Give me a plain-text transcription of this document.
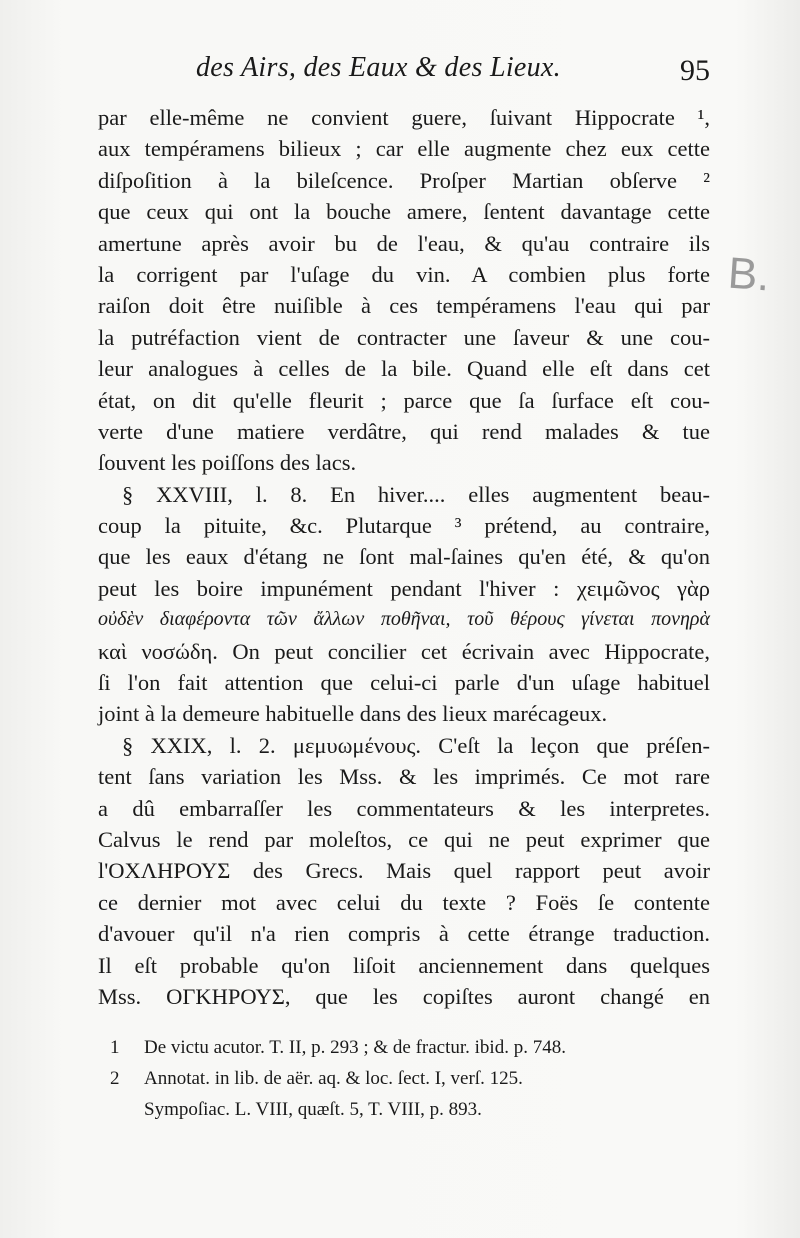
des Airs, des Eaux & des Lieux.	95
par elle-même ne convient guere, ſuivant Hippocrate ¹,
aux tempéramens bilieux ; car elle augmente chez eux cette
diſpoſition à la bileſcence. Proſper Martian obſerve ²
que ceux qui ont la bouche amere, ſentent davantage cette
amertune après avoir bu de l'eau, & qu'au contraire ils
la corrigent par l'uſage du vin. A combien plus forte
raiſon doit être nuiſible à ces tempéramens l'eau qui par
la putréfaction vient de contracter une ſaveur & une cou-
leur analogues à celles de la bile. Quand elle eſt dans cet
état, on dit qu'elle fleurit ; parce que ſa ſurface eſt cou-
verte d'une matiere verdâtre, qui rend malades & tue
ſouvent les poiſſons des lacs.
§ XXVIII, l. 8. En hiver.... elles augmentent beau-
coup la pituite, &c. Plutarque ³ prétend, au contraire,
que les eaux d'étang ne ſont mal-ſaines qu'en été, & qu'on
peut les boire impunément pendant l'hiver : χειμῶνος γὰρ
οὐδὲν διαφέροντα τῶν ἄλλων ποθῆναι, τοῦ θέρους γίνεται πονηρὰ
καὶ νοσώδη. On peut concilier cet écrivain avec Hippocrate,
ſi l'on fait attention que celui-ci parle d'un uſage habituel
joint à la demeure habituelle dans des lieux marécageux.
§ XXIX, l. 2. μεμυωμένους. C'eſt la leçon que préſen-
tent ſans variation les Mss. & les imprimés. Ce mot rare
a dû embarraſſer les commentateurs & les interpretes.
Calvus le rend par moleſtos, ce qui ne peut exprimer que
l'ΟΧΛΗΡΟΥΣ des Grecs. Mais quel rapport peut avoir
ce dernier mot avec celui du texte ? Foës ſe contente
d'avouer qu'il n'a rien compris à cette étrange traduction.
Il eſt probable qu'on liſoit anciennement dans quelques
Mss. ΟΓΚΗΡΟΥΣ, que les copiſtes auront changé en
1 De victu acutor. T. II, p. 293 ; & de fractur. ibid. p. 748.
2 Annotat. in lib. de aër. aq. & loc. ſect. I, verſ. 125.
Sympoſiac. L. VIII, quæſt. 5, T. VIII, p. 893.
B.
